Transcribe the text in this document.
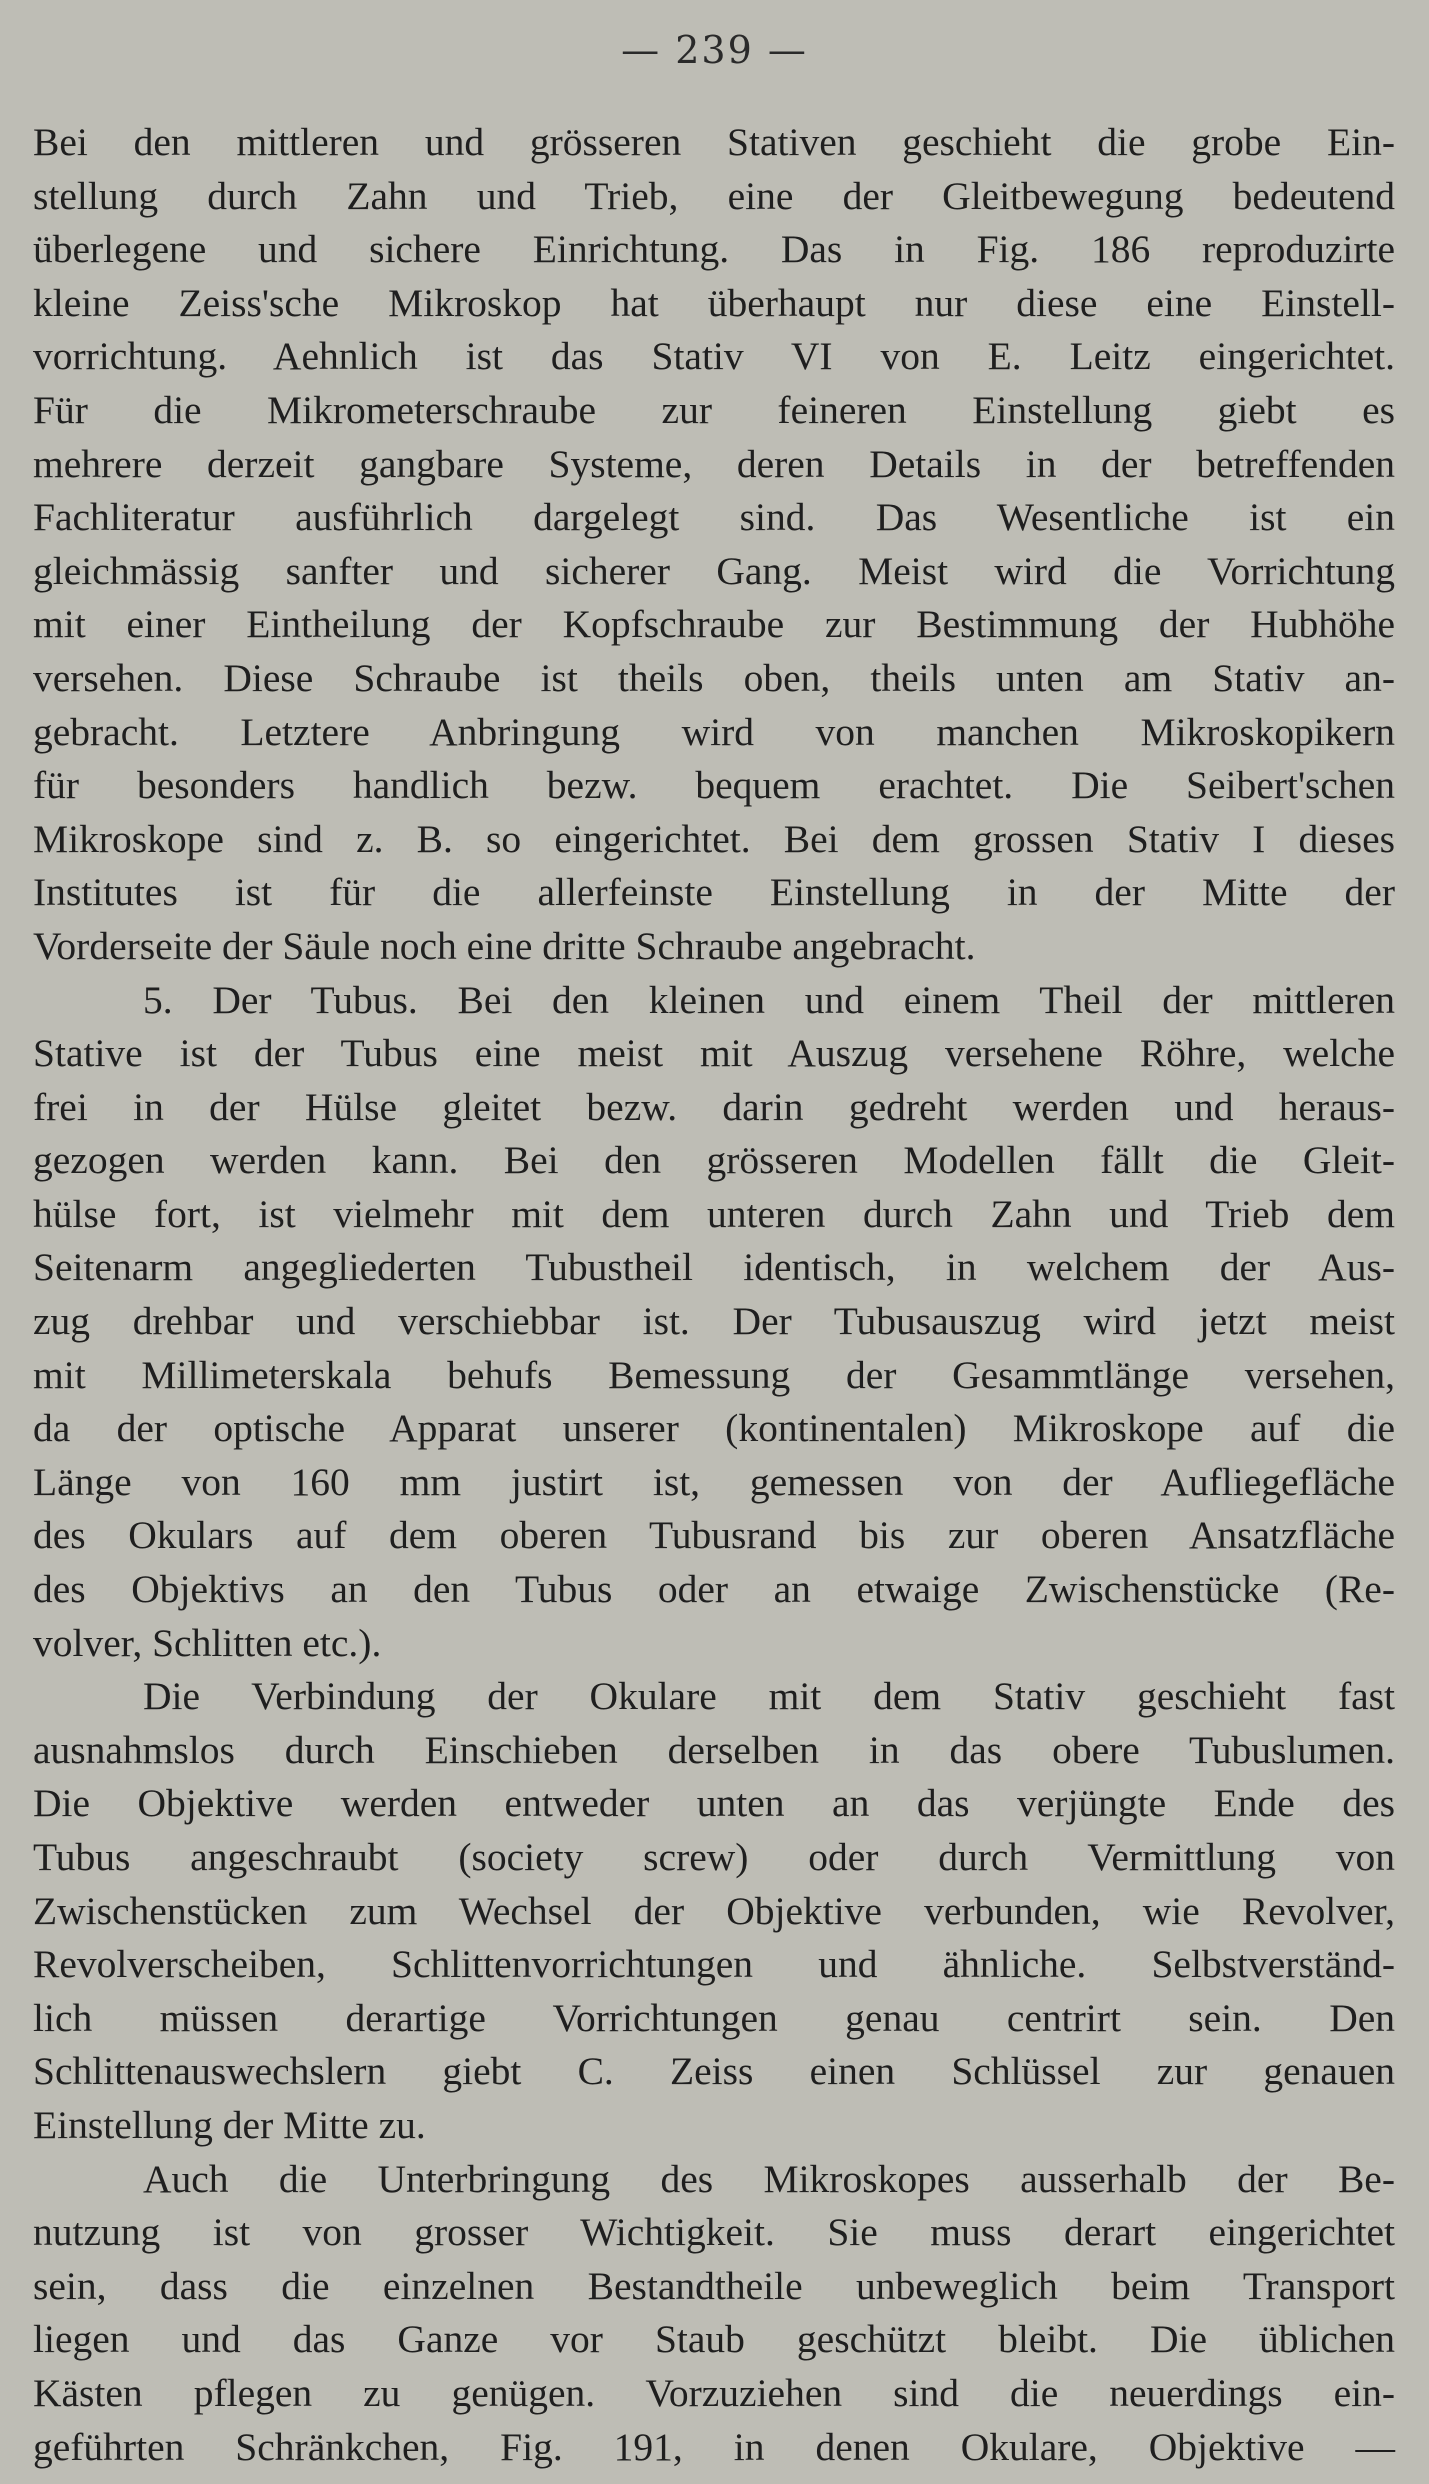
— 239 —
Bei den mittleren und grösseren Stativen geschieht die grobe Ein-
stellung durch Zahn und Trieb, eine der Gleitbewegung bedeutend
überlegene und sichere Einrichtung. Das in Fig. 186 reproduzirte
kleine Zeiss'sche Mikroskop hat überhaupt nur diese eine Einstell-
vorrichtung. Aehnlich ist das Stativ VI von E. Leitz eingerichtet.
Für die Mikrometerschraube zur feineren Einstellung giebt es
mehrere derzeit gangbare Systeme, deren Details in der betreffenden
Fachliteratur ausführlich dargelegt sind. Das Wesentliche ist ein
gleichmässig sanfter und sicherer Gang. Meist wird die Vorrichtung
mit einer Eintheilung der Kopfschraube zur Bestimmung der Hubhöhe
versehen. Diese Schraube ist theils oben, theils unten am Stativ an-
gebracht. Letztere Anbringung wird von manchen Mikroskopikern
für besonders handlich bezw. bequem erachtet. Die Seibert'schen
Mikroskope sind z. B. so eingerichtet. Bei dem grossen Stativ I dieses
Institutes ist für die allerfeinste Einstellung in der Mitte der
Vorderseite der Säule noch eine dritte Schraube angebracht.
5. Der Tubus. Bei den kleinen und einem Theil der mittleren
Stative ist der Tubus eine meist mit Auszug versehene Röhre, welche
frei in der Hülse gleitet bezw. darin gedreht werden und heraus-
gezogen werden kann. Bei den grösseren Modellen fällt die Gleit-
hülse fort, ist vielmehr mit dem unteren durch Zahn und Trieb dem
Seitenarm angegliederten Tubustheil identisch, in welchem der Aus-
zug drehbar und verschiebbar ist. Der Tubusauszug wird jetzt meist
mit Millimeterskala behufs Bemessung der Gesammtlänge versehen,
da der optische Apparat unserer (kontinentalen) Mikroskope auf die
Länge von 160 mm justirt ist, gemessen von der Aufliegefläche
des Okulars auf dem oberen Tubusrand bis zur oberen Ansatzfläche
des Objektivs an den Tubus oder an etwaige Zwischenstücke (Re-
volver, Schlitten etc.).
Die Verbindung der Okulare mit dem Stativ geschieht fast
ausnahmslos durch Einschieben derselben in das obere Tubuslumen.
Die Objektive werden entweder unten an das verjüngte Ende des
Tubus angeschraubt (society screw) oder durch Vermittlung von
Zwischenstücken zum Wechsel der Objektive verbunden, wie Revolver,
Revolverscheiben, Schlittenvorrichtungen und ähnliche. Selbstverständ-
lich müssen derartige Vorrichtungen genau centrirt sein. Den
Schlittenauswechslern giebt C. Zeiss einen Schlüssel zur genauen
Einstellung der Mitte zu.
Auch die Unterbringung des Mikroskopes ausserhalb der Be-
nutzung ist von grosser Wichtigkeit. Sie muss derart eingerichtet
sein, dass die einzelnen Bestandtheile unbeweglich beim Transport
liegen und das Ganze vor Staub geschützt bleibt. Die üblichen
Kästen pflegen zu genügen. Vorzuziehen sind die neuerdings ein-
geführten Schränkchen, Fig. 191, in denen Okulare, Objektive —
